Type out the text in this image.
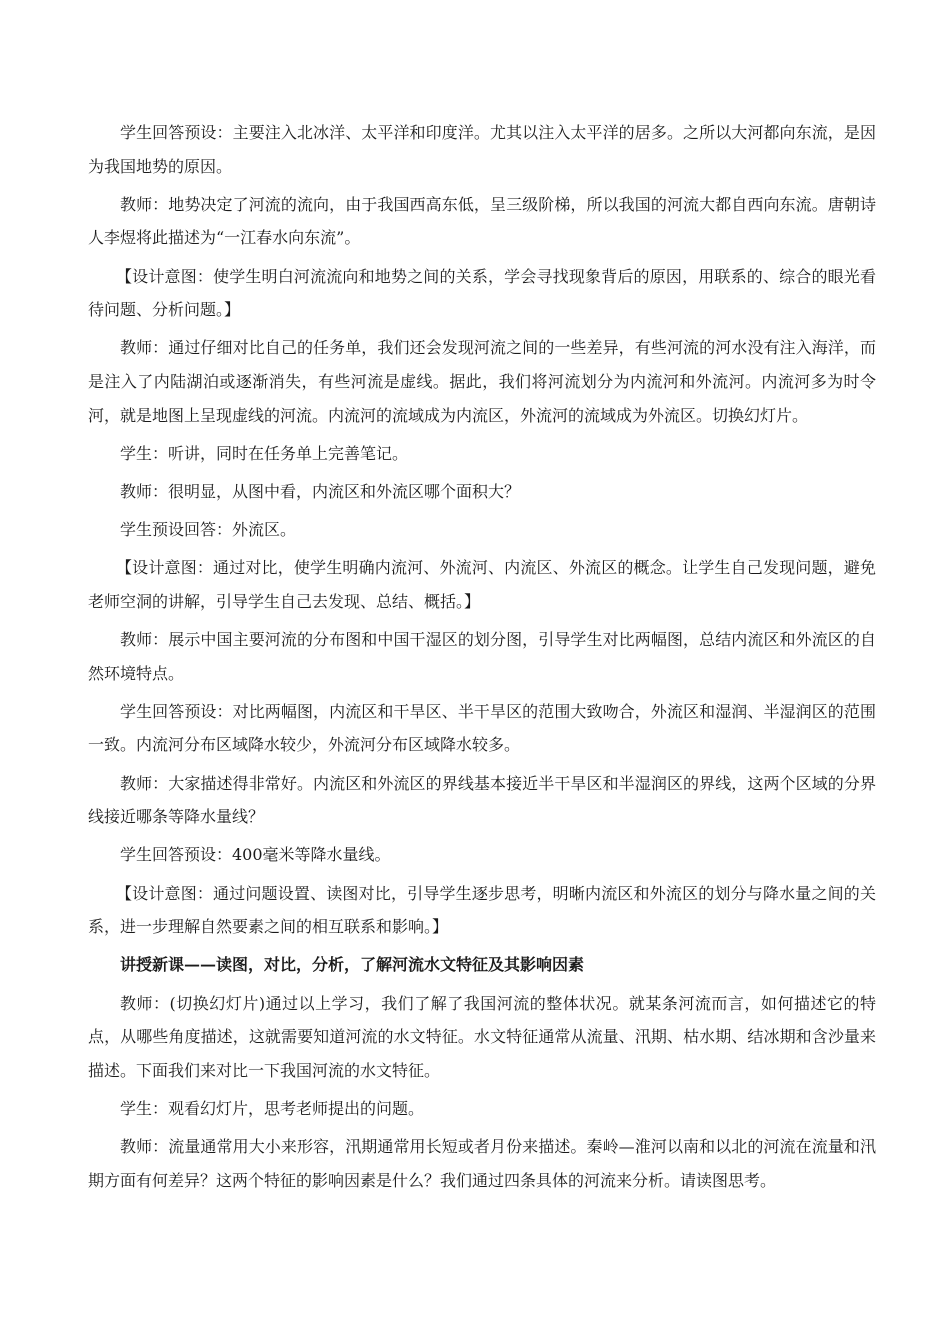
学生回答预设：主要注入北冰洋、太平洋和印度洋。尤其以注入太平洋的居多。之所以大河都向东流，是因为我国地势的原因。

教师：地势决定了河流的流向，由于我国西高东低，呈三级阶梯，所以我国的河流大都自西向东流。唐朝诗人李煜将此描述为“一江春水向东流”。

【设计意图：使学生明白河流流向和地势之间的关系，学会寻找现象背后的原因，用联系的、综合的眼光看待问题、分析问题。】

教师：通过仔细对比自己的任务单，我们还会发现河流之间的一些差异，有些河流的河水没有注入海洋，而是注入了内陆湖泊或逐渐消失，有些河流是虚线。据此，我们将河流划分为内流河和外流河。内流河多为时令河，就是地图上呈现虚线的河流。内流河的流域成为内流区，外流河的流域成为外流区。切换幻灯片。

学生：听讲，同时在任务单上完善笔记。

教师：很明显，从图中看，内流区和外流区哪个面积大？

学生预设回答：外流区。

【设计意图：通过对比，使学生明确内流河、外流河、内流区、外流区的概念。让学生自己发现问题，避免老师空洞的讲解，引导学生自己去发现、总结、概括。】

教师：展示中国主要河流的分布图和中国干湿区的划分图，引导学生对比两幅图，总结内流区和外流区的自然环境特点。

学生回答预设：对比两幅图，内流区和干旱区、半干旱区的范围大致吻合，外流区和湿润、半湿润区的范围一致。内流河分布区域降水较少，外流河分布区域降水较多。

教师：大家描述得非常好。内流区和外流区的界线基本接近半干旱区和半湿润区的界线，这两个区域的分界线接近哪条等降水量线？

学生回答预设：400毫米等降水量线。

【设计意图：通过问题设置、读图对比，引导学生逐步思考，明晰内流区和外流区的划分与降水量之间的关系，进一步理解自然要素之间的相互联系和影响。】

讲授新课——读图，对比，分析，了解河流水文特征及其影响因素

教师：(切换幻灯片)通过以上学习，我们了解了我国河流的整体状况。就某条河流而言，如何描述它的特点，从哪些角度描述，这就需要知道河流的水文特征。水文特征通常从流量、汛期、枯水期、结冰期和含沙量来描述。下面我们来对比一下我国河流的水文特征。

学生：观看幻灯片，思考老师提出的问题。

教师：流量通常用大小来形容，汛期通常用长短或者月份来描述。秦岭—淮河以南和以北的河流在流量和汛期方面有何差异？这两个特征的影响因素是什么？我们通过四条具体的河流来分析。请读图思考。
